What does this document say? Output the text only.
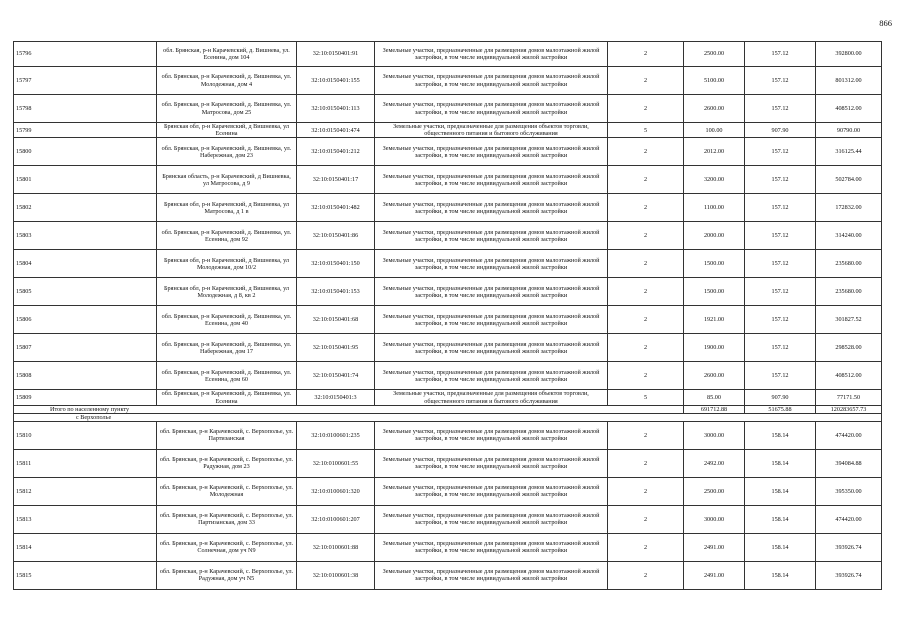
866
15796	обл. Брянская, р-н Карачевский, д. Вишнева, ул. Есенина, дом 104	32:10:0150401:91	Земельные участки, предназначенные для размещения домов малоэтажной жилой застройки, в том числе индивидуальной жилой застройки	2	2500.00	157.12	392800.00
15797	обл. Брянская, р-н Карачевский, д. Вишневка, ул. Молодежная, дом 4	32:10:0150401:155	Земельные участки, предназначенные для размещения домов малоэтажной жилой застройки, в том числе индивидуальной жилой застройки	2	5100.00	157.12	801312.00
15798	обл. Брянская, р-н Карачевский, д. Вишневка, ул. Матросова, дом 25	32:10:0150401:113	Земельные участки, предназначенные для размещения домов малоэтажной жилой застройки, в том числе индивидуальной жилой застройки	2	2600.00	157.12	408512.00
15799	Брянская обл, р-н Карачевский, д Вишневка, ул Есенина	32:10:0150401:474	Земельные участки, предназначенные для размещения объектов торговли, общественного питания и бытового обслуживания	5	100.00	907.90	90790.00
15800	обл. Брянская, р-н Карачевский, д. Вишневка, ул. Набережная, дом 23	32:10:0150401:212	Земельные участки, предназначенные для размещения домов малоэтажной жилой застройки, в том числе индивидуальной жилой застройки	2	2012.00	157.12	316125.44
15801	Брянская область, р-н Карачевский, д Вишневка, ул Матросова, д 9	32:10:0150401:17	Земельные участки, предназначенные для размещения домов малоэтажной жилой застройки, в том числе индивидуальной жилой застройки	2	3200.00	157.12	502784.00
15802	Брянская обл, р-н Карачевский, д Вишневка, ул Матросова, д 1 в	32:10:0150401:482	Земельные участки, предназначенные для размещения домов малоэтажной жилой застройки, в том числе индивидуальной жилой застройки	2	1100.00	157.12	172832.00
15803	обл. Брянская, р-н Карачевский, д. Вишневка, ул. Есенина, дом 92	32:10:0150401:86	Земельные участки, предназначенные для размещения домов малоэтажной жилой застройки, в том числе индивидуальной жилой застройки	2	2000.00	157.12	314240.00
15804	Брянская обл, р-н Карачевский, д Вишневка, ул Молодежная, дом 10/2	32:10:0150401:150	Земельные участки, предназначенные для размещения домов малоэтажной жилой застройки, в том числе индивидуальной жилой застройки	2	1500.00	157.12	235680.00
15805	Брянская обл, р-н Карачевский, д Вишневка, ул Молодежная, д 8, кв 2	32:10:0150401:153	Земельные участки, предназначенные для размещения домов малоэтажной жилой застройки, в том числе индивидуальной жилой застройки	2	1500.00	157.12	235680.00
15806	обл. Брянская, р-н Карачевский, д. Вишневка, ул. Есенина, дом 40	32:10:0150401:68	Земельные участки, предназначенные для размещения домов малоэтажной жилой застройки, в том числе индивидуальной жилой застройки	2	1921.00	157.12	301827.52
15807	обл. Брянская, р-н Карачевский, д. Вишневка, ул. Набережная, дом 17	32:10:0150401:95	Земельные участки, предназначенные для размещения домов малоэтажной жилой застройки, в том числе индивидуальной жилой застройки	2	1900.00	157.12	298528.00
15808	обл. Брянская, р-н Карачевский, д. Вишневка, ул. Есенина, дом 60	32:10:0150401:74	Земельные участки, предназначенные для размещения домов малоэтажной жилой застройки, в том числе индивидуальной жилой застройки	2	2600.00	157.12	408512.00
15809	обл. Брянская, р-н Карачевский, д. Вишневка, ул. Есенина	32:10:0150401:3	Земельные участки, предназначенные для размещения объектов торговли, общественного питания и бытового обслуживания	5	85.00	907.90	77171.50
Итого по населенному пункту					691712.88	51675.88	120283657.73
с Верхополье							
15810	обл. Брянская, р-н Карачевский, с. Верхополье, ул. Партизанская	32:10:0100601:235	Земельные участки, предназначенные для размещения домов малоэтажной жилой застройки, в том числе индивидуальной жилой застройки	2	3000.00	158.14	474420.00
15811	обл. Брянская, р-н Карачевский, с. Верхополье, ул. Радужная, дом 23	32:10:0100601:55	Земельные участки, предназначенные для размещения домов малоэтажной жилой застройки, в том числе индивидуальной жилой застройки	2	2492.00	158.14	394084.88
15812	обл. Брянская, р-н Карачевский, с. Верхополье, ул. Молодежная	32:10:0100601:320	Земельные участки, предназначенные для размещения домов малоэтажной жилой застройки, в том числе индивидуальной жилой застройки	2	2500.00	158.14	395350.00
15813	обл. Брянская, р-н Карачевский, с. Верхополье, ул. Партизанская, дом 33	32:10:0100601:207	Земельные участки, предназначенные для размещения домов малоэтажной жилой застройки, в том числе индивидуальной жилой застройки	2	3000.00	158.14	474420.00
15814	обл. Брянская, р-н Карачевский, с. Верхополье, ул. Солнечная, дом уч N9	32:10:0100601:88	Земельные участки, предназначенные для размещения домов малоэтажной жилой застройки, в том числе индивидуальной жилой застройки	2	2491.00	158.14	393926.74
15815	обл. Брянская, р-н Карачевский, с. Верхополье, ул. Радужная, дом уч N5	32:10:0100601:38	Земельные участки, предназначенные для размещения домов малоэтажной жилой застройки, в том числе индивидуальной жилой застройки	2	2491.00	158.14	393926.74
